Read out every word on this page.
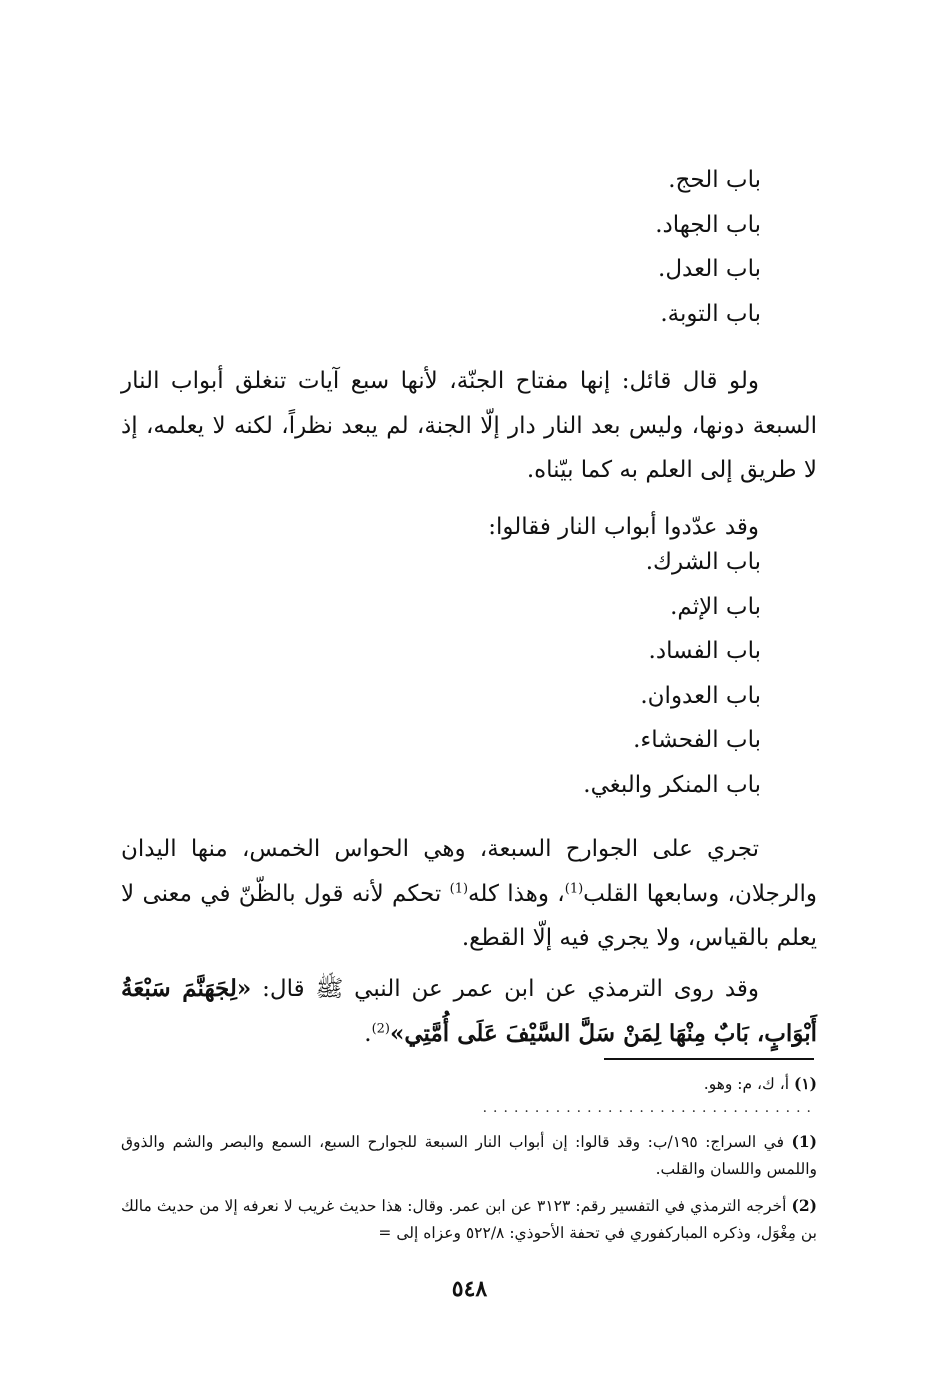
باب الحج.
باب الجهاد.
باب العدل.
باب التوبة.

ولو قال قائل: إنها مفتاح الجنّة، لأنها سبع آيات تنغلق أبواب النار السبعة دونها، وليس بعد النار دار إلّا الجنة، لم يبعد نظراً، لكنه لا يعلمه، إذ لا طريق إلى العلم به كما بيّناه.

وقد عدّدوا أبواب النار فقالوا:

باب الشرك.
باب الإثم.
باب الفساد.
باب العدوان.
باب الفحشاء.
باب المنكر والبغي.

تجري على الجوارح السبعة، وهي الحواس الخمس، منها اليدان والرجلان، وسابعها القلب$^{(1)}$، وهذا كله$^{(1)}$ تحكم لأنه قول بالظّنّ في معنى لا يعلم بالقياس، ولا يجري فيه إلّا القطع.

وقد روى الترمذي عن ابن عمر عن النبي ﷺ قال: «لِجَهَنَّمَ سَبْعَةُ أَبْوَابٍ، بَابٌ مِنْهَا لِمَنْ سَلَّ السَّيْفَ عَلَى أُمَّتِي»$^{(2)}$.

(١) أ، ك، م: وهو.
································
(1) في السراج: ١٩٥/ب: وقد قالوا: إن أبواب النار السبعة للجوارح السبع، السمع والبصر والشم والذوق واللمس واللسان والقلب.
(2) أخرجه الترمذي في التفسير رقم: ٣١٢٣ عن ابن عمر. وقال: هذا حديث غريب لا نعرفه إلا من حديث مالك بن مِغْوَل، وذكره المباركفوري في تحفة الأحوذي: ٥٢٢/٨ وعزاه إلى =
٥٤٨
